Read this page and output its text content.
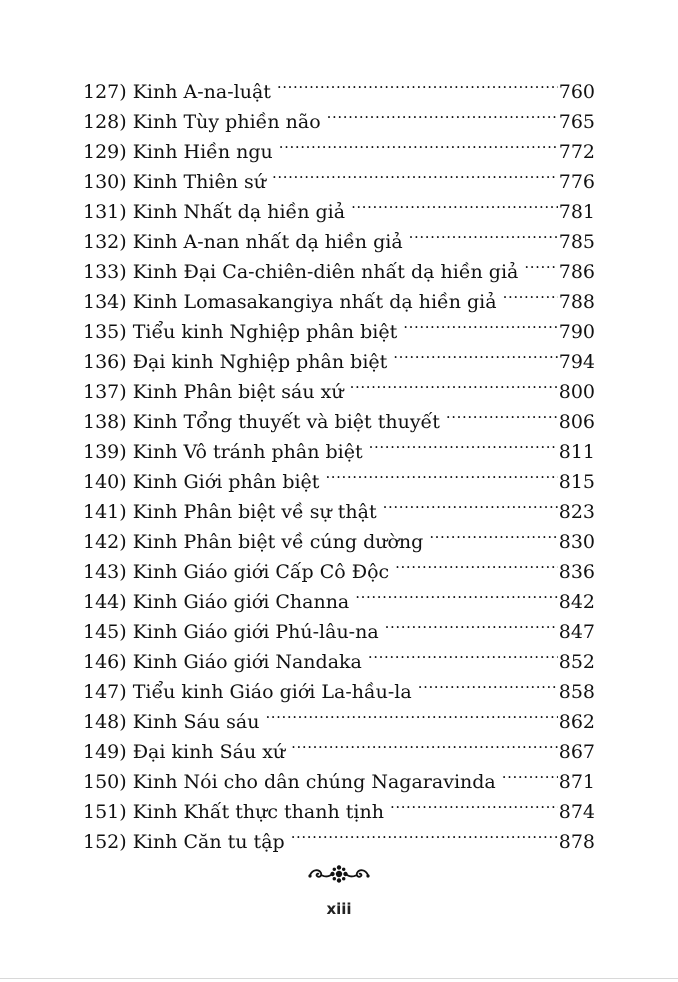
127) Kinh A-na-luật .....	760
128) Kinh Tùy phiền não .....	765
129) Kinh Hiền ngu .....	772
130) Kinh Thiên sứ .....	776
131) Kinh Nhất dạ hiền giả .....	781
132) Kinh A-nan nhất dạ hiền giả .....	785
133) Kinh Đại Ca-chiên-diên nhất dạ hiền giả ..... 786
134) Kinh Lomasakangiya nhất dạ hiền giả .....	788
135) Tiểu kinh Nghiệp phân biệt .....	790
136) Đại kinh Nghiệp phân biệt .....	794
137) Kinh Phân biệt sáu xứ .....	800
138) Kinh Tổng thuyết và biệt thuyết .....	806
139) Kinh Vô tránh phân biệt .....	811
140) Kinh Giới phân biệt .....	815
141) Kinh Phân biệt về sự thật .....	823
142) Kinh Phân biệt về cúng dường .....	830
143) Kinh Giáo giới Cấp Cô Độc .....	836
144) Kinh Giáo giới Channa .....	842
145) Kinh Giáo giới Phú-lâu-na .....	847
146) Kinh Giáo giới Nandaka .....	852
147) Tiểu kinh Giáo giới La-hầu-la .....	858
148) Kinh Sáu sáu .....	862
149) Đại kinh Sáu xứ .....	867
150) Kinh Nói cho dân chúng Nagaravinda .....	871
151) Kinh Khất thực thanh tịnh .....	874
152) Kinh Căn tu tập .....	878
xiii
